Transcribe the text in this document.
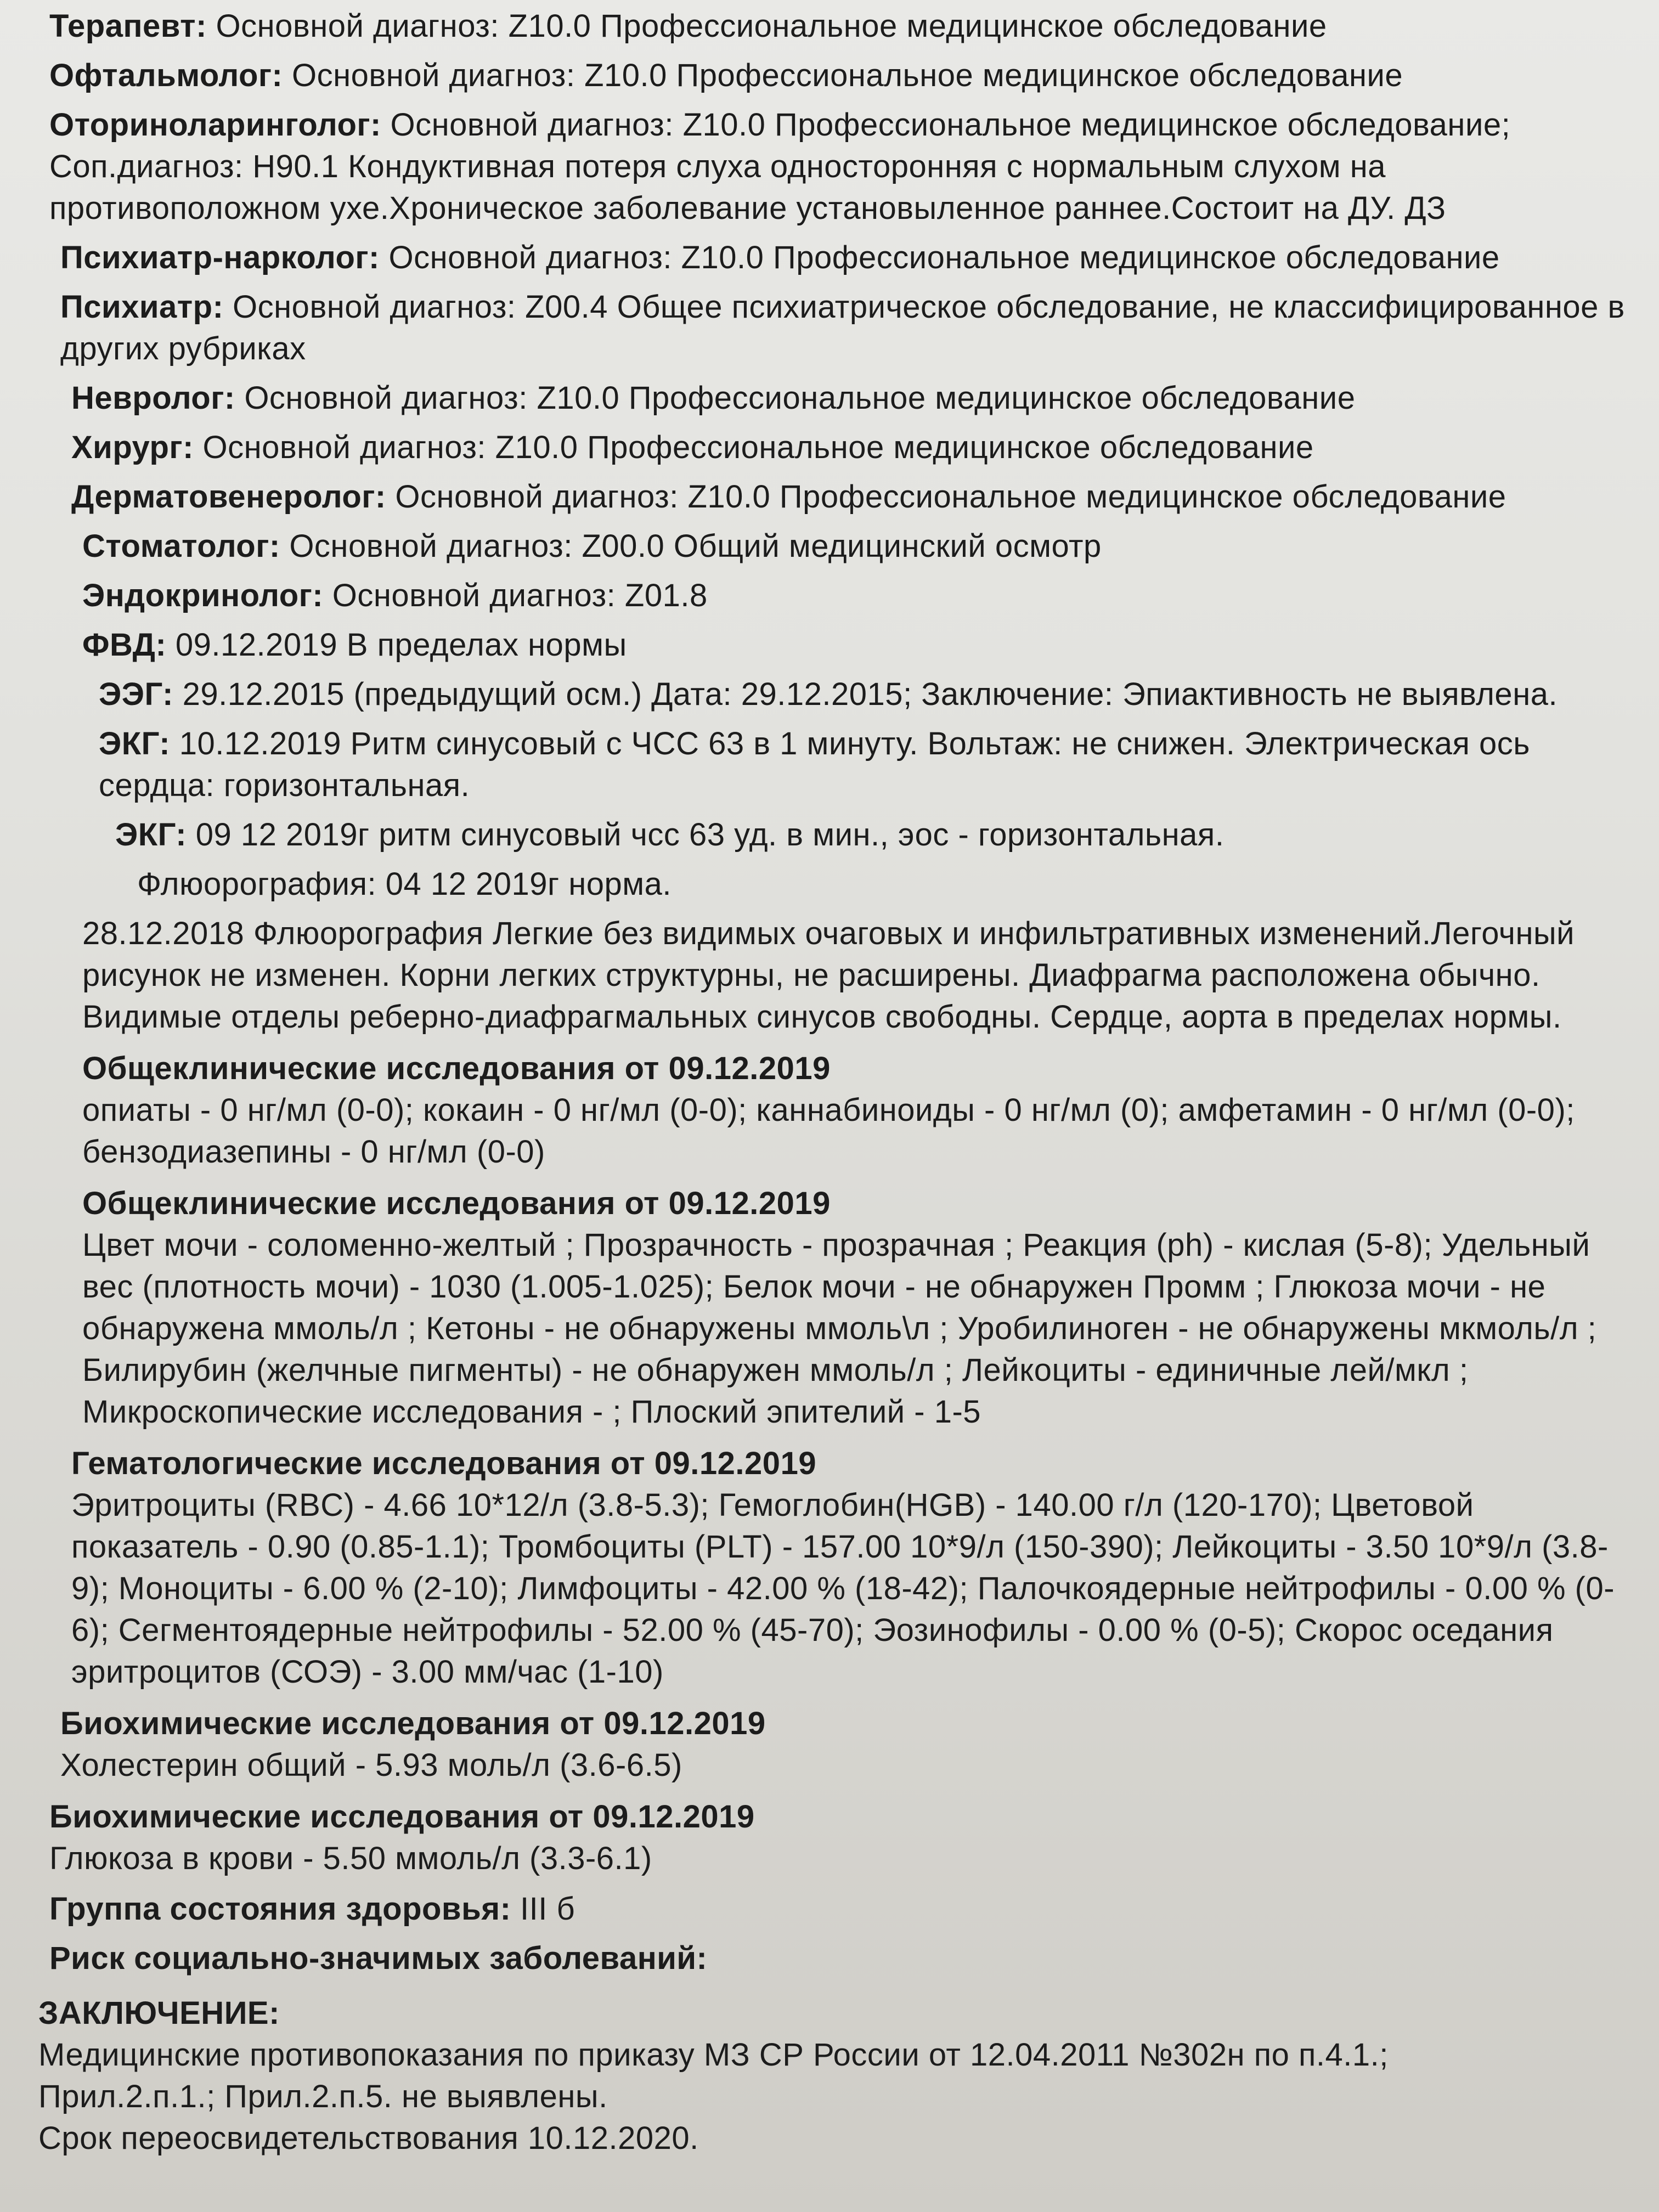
Терапевт: Основной диагноз: Z10.0 Профессиональное медицинское обследование
Офтальмолог: Основной диагноз: Z10.0 Профессиональное медицинское обследование
Оториноларинголог: Основной диагноз: Z10.0 Профессиональное медицинское обследование; Соп.диагноз: H90.1 Кондуктивная потеря слуха односторонняя с нормальным слухом на противоположном ухе.Хроническое заболевание установыленное раннее.Состоит на ДУ. ДЗ
Психиатр-нарколог: Основной диагноз: Z10.0 Профессиональное медицинское обследование
Психиатр: Основной диагноз: Z00.4 Общее психиатрическое обследование, не классифицированное в других рубриках
Невролог: Основной диагноз: Z10.0 Профессиональное медицинское обследование
Хирург: Основной диагноз: Z10.0 Профессиональное медицинское обследование
Дерматовенеролог: Основной диагноз: Z10.0 Профессиональное медицинское обследование
Стоматолог: Основной диагноз: Z00.0 Общий медицинский осмотр
Эндокринолог: Основной диагноз: Z01.8
ФВД: 09.12.2019 В пределах нормы
ЭЭГ: 29.12.2015 (предыдущий осм.) Дата: 29.12.2015; Заключение: Эпиактивность не выявлена.
ЭКГ: 10.12.2019 Ритм синусовый с ЧСС 63 в 1 минуту. Вольтаж: не снижен. Электрическая ось сердца: горизонтальная.
ЭКГ: 09 12 2019г ритм синусовый чсс 63 уд. в мин., эос - горизонтальная.
Флюорография: 04 12 2019г норма.
28.12.2018 Флюорография Легкие без видимых очаговых и инфильтративных изменений.Легочный рисунок не изменен. Корни легких структурны, не расширены. Диафрагма расположена обычно. Видимые отделы реберно-диафрагмальных синусов свободны. Сердце, аорта в пределах нормы.
Общеклинические исследования от 09.12.2019
опиаты - 0 нг/мл (0-0); кокаин - 0 нг/мл (0-0); каннабиноиды - 0 нг/мл (0); амфетамин - 0 нг/мл (0-0); бензодиазепины - 0 нг/мл (0-0)
Общеклинические исследования от 09.12.2019
Цвет мочи - соломенно-желтый ; Прозрачность - прозрачная ; Реакция (ph) - кислая (5-8); Удельный вес (плотность мочи) - 1030 (1.005-1.025); Белок мочи - не обнаружен Промм ; Глюкоза мочи - не обнаружена ммоль/л ; Кетоны - не обнаружены ммоль\л ; Уробилиноген - не обнаружены мкмоль/л ; Билирубин (желчные пигменты) - не обнаружен ммоль/л ; Лейкоциты - единичные лей/мкл ; Микроскопические исследования - ; Плоский эпителий - 1-5
Гематологические исследования от 09.12.2019
Эритроциты (RBC) - 4.66 10*12/л (3.8-5.3); Гемоглобин(HGB) - 140.00 г/л (120-170); Цветовой показатель - 0.90 (0.85-1.1); Тромбоциты (PLT) - 157.00 10*9/л (150-390); Лейкоциты - 3.50 10*9/л (3.8-9); Моноциты - 6.00 % (2-10); Лимфоциты - 42.00 % (18-42); Палочкоядерные нейтрофилы - 0.00 % (0-6); Сегментоядерные нейтрофилы - 52.00 % (45-70); Эозинофилы - 0.00 % (0-5); Скорос оседания эритроцитов (СОЭ) - 3.00 мм/час (1-10)
Биохимические исследования от 09.12.2019
Холестерин общий - 5.93 моль/л (3.6-6.5)
Биохимические исследования от 09.12.2019
Глюкоза в крови - 5.50 ммоль/л (3.3-6.1)
Группа состояния здоровья: III б
Риск социально-значимых заболеваний:
ЗАКЛЮЧЕНИЕ:
Медицинские противопоказания по приказу МЗ СР России от 12.04.2011 №302н по п.4.1.;
Прил.2.п.1.; Прил.2.п.5. не выявлены.
Срок переосвидетельствования 10.12.2020.
